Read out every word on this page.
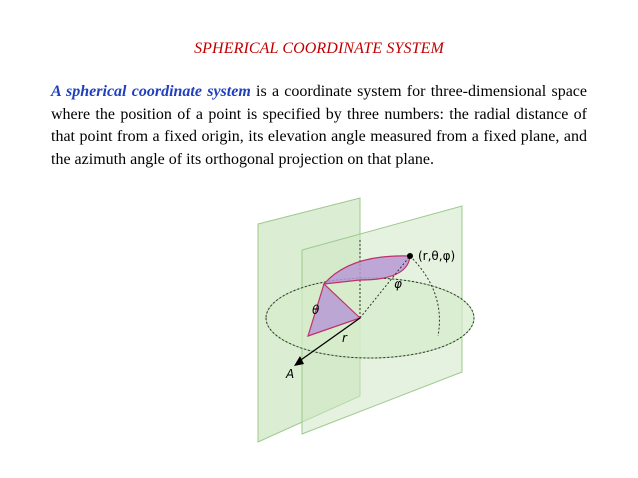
SPHERICAL COORDINATE SYSTEM

A spherical coordinate system is a coordinate system for three-dimensional space where the position of a point is specified by three numbers: the radial distance of that point from a fixed origin, its elevation angle measured from a fixed plane, and the azimuth angle of its orthogonal projection on that plane.

(r,θ,φ)
φ
θ
r
A
